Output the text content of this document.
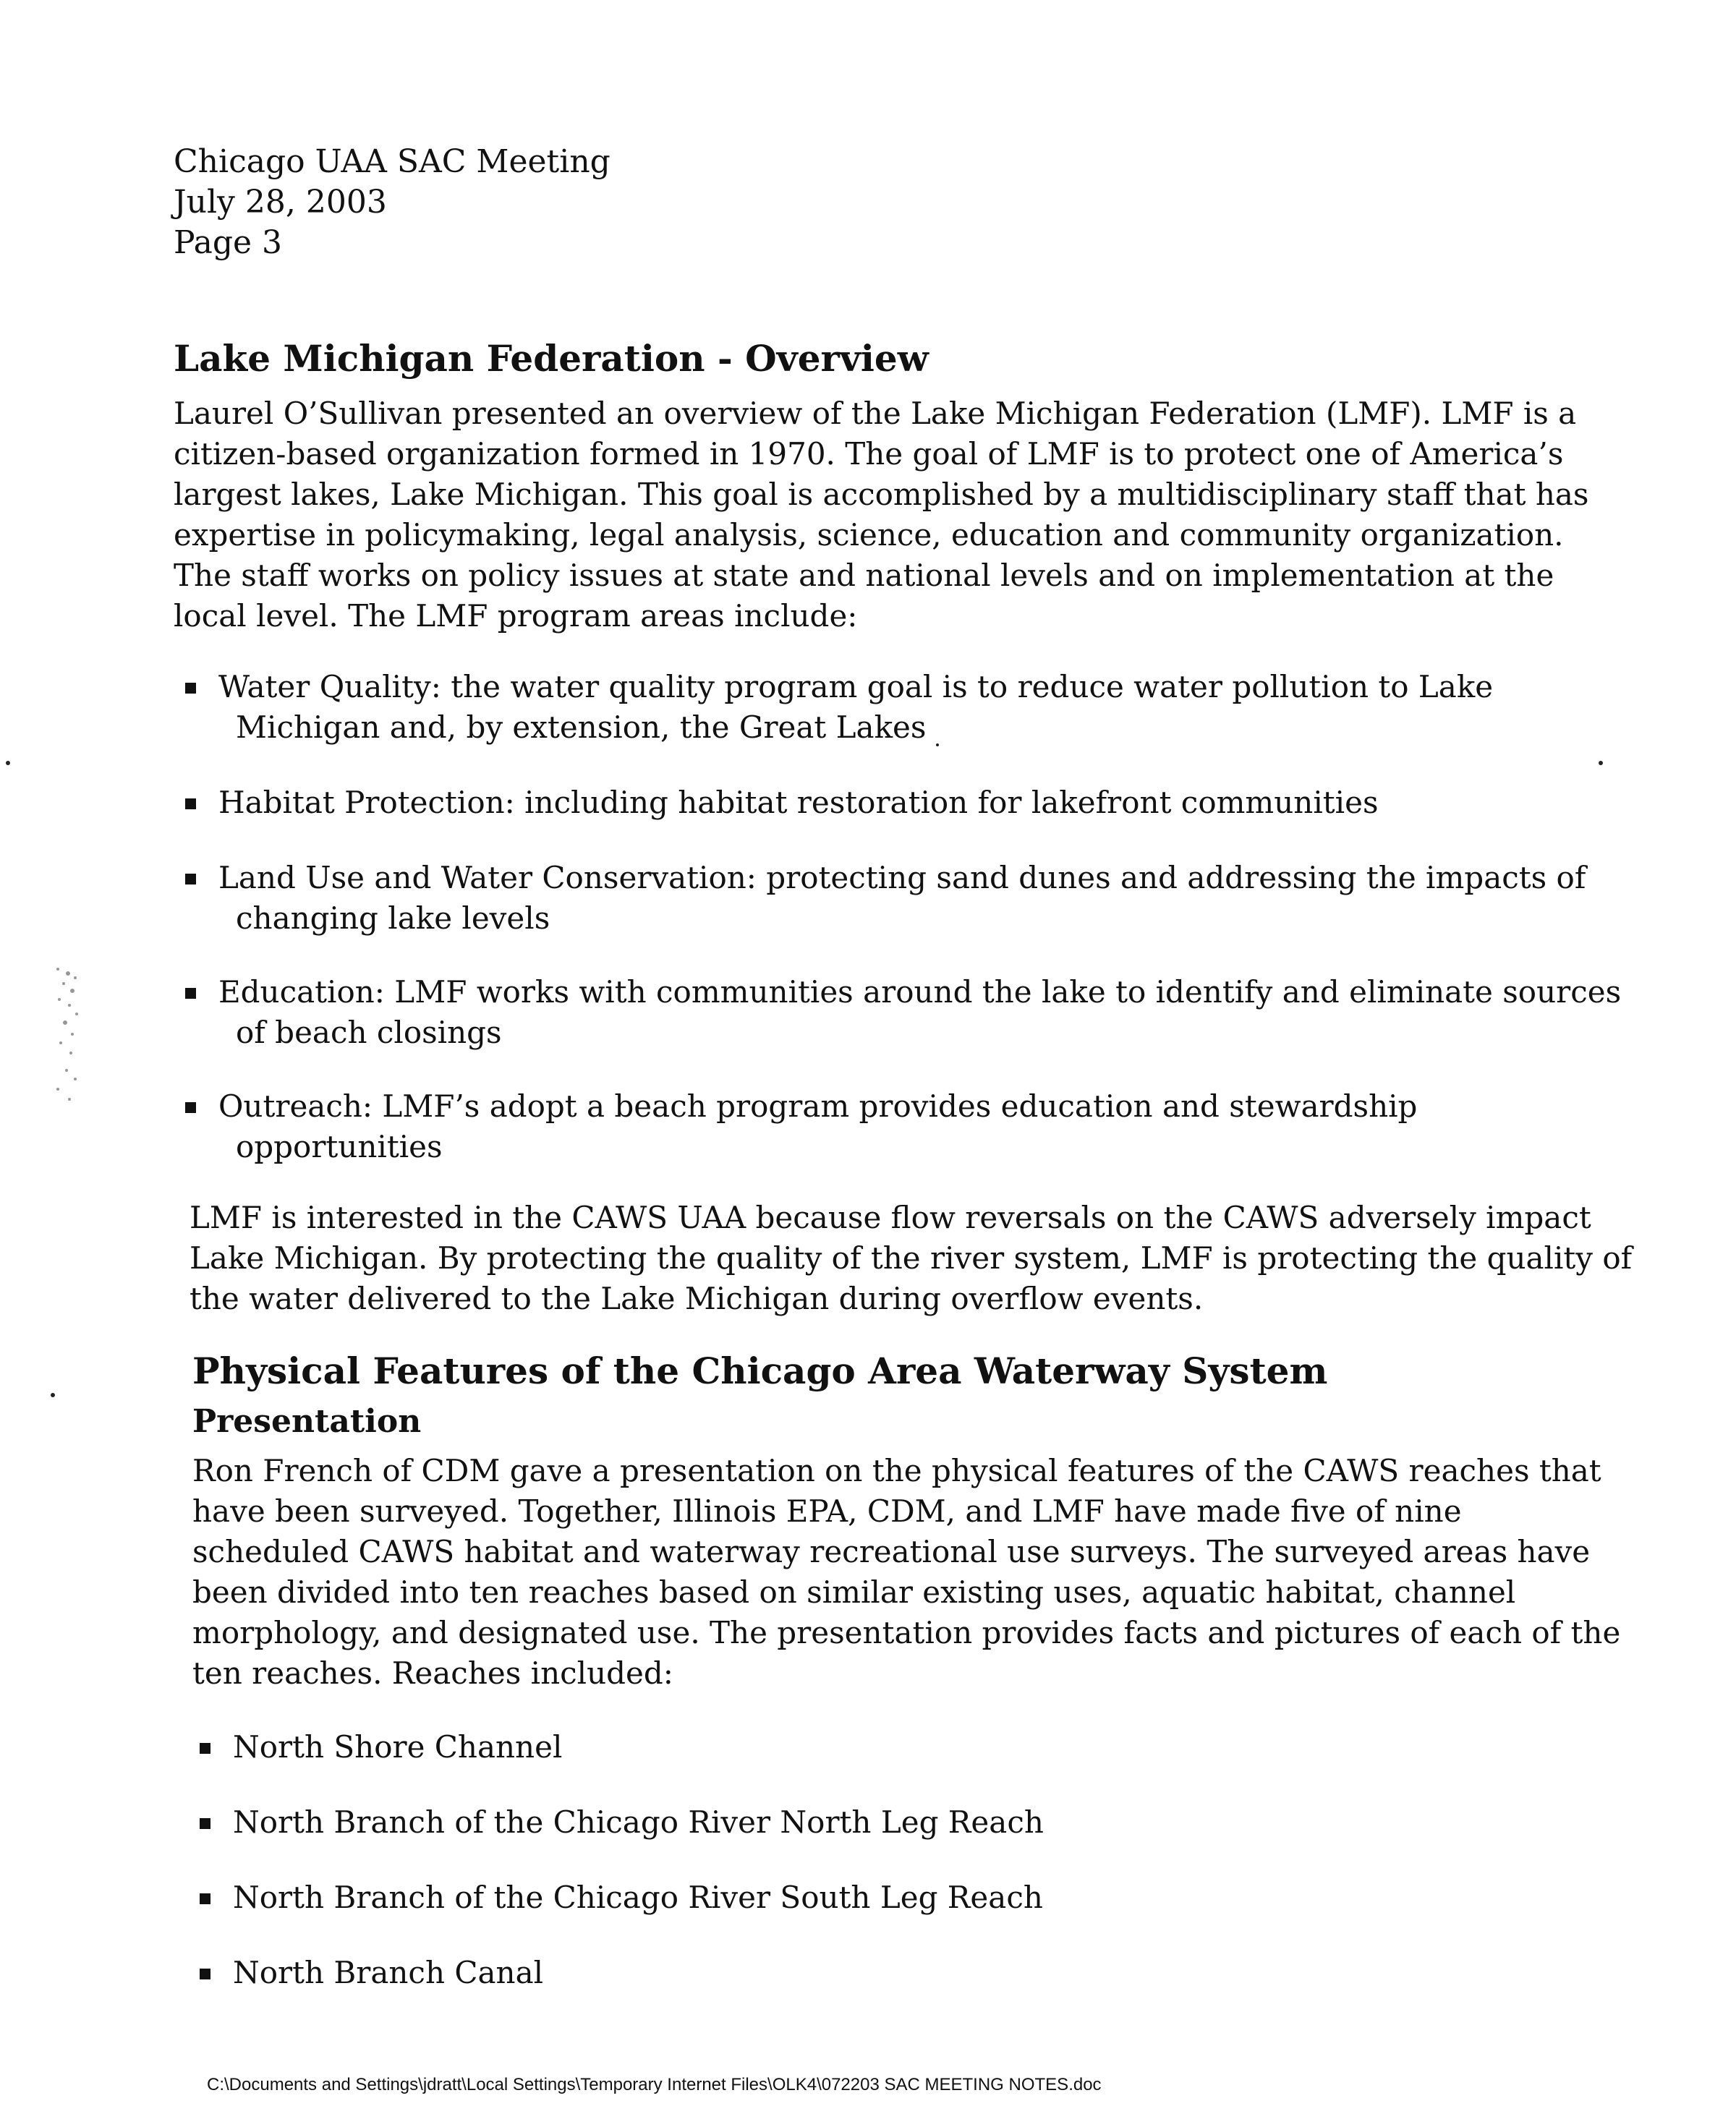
Chicago UAA SAC Meeting
July 28, 2003
Page 3
Lake Michigan Federation - Overview
Laurel O’Sullivan presented an overview of the Lake Michigan Federation (LMF). LMF is a
citizen-based organization formed in 1970. The goal of LMF is to protect one of America’s
largest lakes, Lake Michigan. This goal is accomplished by a multidisciplinary staff that has
expertise in policymaking, legal analysis, science, education and community organization.
The staff works on policy issues at state and national levels and on implementation at the
local level. The LMF program areas include:
Water Quality: the water quality program goal is to reduce water pollution to Lake
Michigan and, by extension, the Great Lakes
Habitat Protection: including habitat restoration for lakefront communities
Land Use and Water Conservation: protecting sand dunes and addressing the impacts of
changing lake levels
Education: LMF works with communities around the lake to identify and eliminate sources
of beach closings
Outreach: LMF’s adopt a beach program provides education and stewardship
opportunities
LMF is interested in the CAWS UAA because flow reversals on the CAWS adversely impact
Lake Michigan. By protecting the quality of the river system, LMF is protecting the quality of
the water delivered to the Lake Michigan during overflow events.
Physical Features of the Chicago Area Waterway System
Presentation
Ron French of CDM gave a presentation on the physical features of the CAWS reaches that
have been surveyed. Together, Illinois EPA, CDM, and LMF have made five of nine
scheduled CAWS habitat and waterway recreational use surveys. The surveyed areas have
been divided into ten reaches based on similar existing uses, aquatic habitat, channel
morphology, and designated use. The presentation provides facts and pictures of each of the
ten reaches. Reaches included:
North Shore Channel
North Branch of the Chicago River North Leg Reach
North Branch of the Chicago River South Leg Reach
North Branch Canal
C:\Documents and Settings\jdratt\Local Settings\Temporary Internet Files\OLK4\072203 SAC MEETING NOTES.doc
